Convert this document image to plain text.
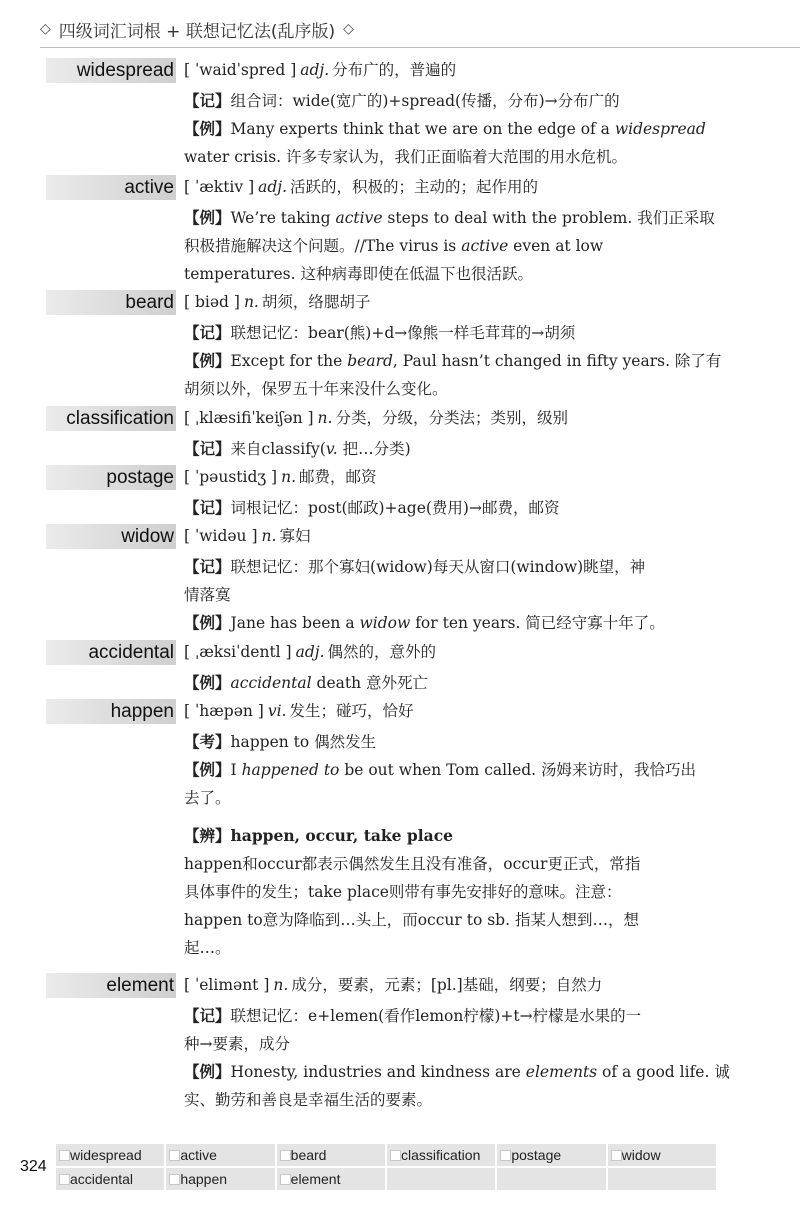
◇ 四级词汇词根 + 联想记忆法(乱序版) ◇
widespread [ ˈwaidˈspred ] adj. 分布广的，普遍的
【记】组合词：wide(宽广的)+spread(传播，分布)→分布广的
【例】Many experts think that we are on the edge of a widespread
water crisis. 许多专家认为，我们正面临着大范围的用水危机。
active [ ˈæktiv ] adj. 活跃的，积极的；主动的；起作用的
【例】We’re taking active steps to deal with the problem. 我们正采取
积极措施解决这个问题。//The virus is active even at low
temperatures. 这种病毒即使在低温下也很活跃。
beard [ biəd ] n. 胡须，络腮胡子
【记】联想记忆：bear(熊)+d→像熊一样毛茸茸的→胡须
【例】Except for the beard, Paul hasn’t changed in fifty years. 除了有
胡须以外，保罗五十年来没什么变化。
classification [ ˌklæsifiˈkeiʃən ] n. 分类，分级，分类法；类别，级别
【记】来自classify(v. 把…分类)
postage [ ˈpəustidʒ ] n. 邮费，邮资
【记】词根记忆：post(邮政)+age(费用)→邮费，邮资
widow [ ˈwidəu ] n. 寡妇
【记】联想记忆：那个寡妇(widow)每天从窗口(window)眺望，神
情落寞
【例】Jane has been a widow for ten years. 简已经守寡十年了。
accidental [ ˌæksiˈdentl ] adj. 偶然的，意外的
【例】accidental death 意外死亡
happen [ ˈhæpən ] vi. 发生；碰巧，恰好
【考】happen to 偶然发生
【例】I happened to be out when Tom called. 汤姆来访时，我恰巧出
去了。
【辨】happen, occur, take place
happen和occur都表示偶然发生且没有准备，occur更正式，常指
具体事件的发生；take place则带有事先安排好的意味。注意：
happen to意为降临到…头上，而occur to sb. 指某人想到…，想
起…。
element [ ˈelimənt ] n. 成分，要素，元素；[pl.]基础，纲要；自然力
【记】联想记忆：e+lemen(看作lemon柠檬)+t→柠檬是水果的一
种→要素，成分
【例】Honesty, industries and kindness are elements of a good life. 诚
实、勤劳和善良是幸福生活的要素。
324
widespread	active	beard	classification	postage	widow
accidental	happen	element
